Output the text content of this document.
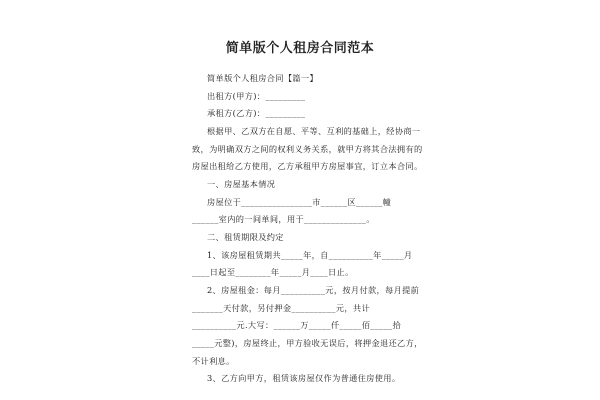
简单版个人租房合同范本
简单版个人租房合同【篇一】
出租方(甲方)：_________
承租方(乙方)：_________
根据甲、乙双方在自愿、平等、互利的基础上，经协商一
致，为明确双方之间的权利义务关系，就甲方将其合法拥有的
房屋出租给乙方使用，乙方承租甲方房屋事宜，订立本合同。
一、房屋基本情况
房屋位于________________市______区______幢
______室内的一间单间，用于______________。
二、租赁期限及约定
1、该房屋租赁期共_____年，自__________年_____月
____日起至________年_____月____日止。
2、房屋租金：每月__________元，按月付款，每月提前
_______天付款，另付押金__________元，共计
__________元.大写：______万_____仟_____佰_____拾
_____元整)，房屋终止，甲方验收无误后，将押金退还乙方，
不计利息。
3、乙方向甲方，租赁该房屋仅作为普通住房使用。
